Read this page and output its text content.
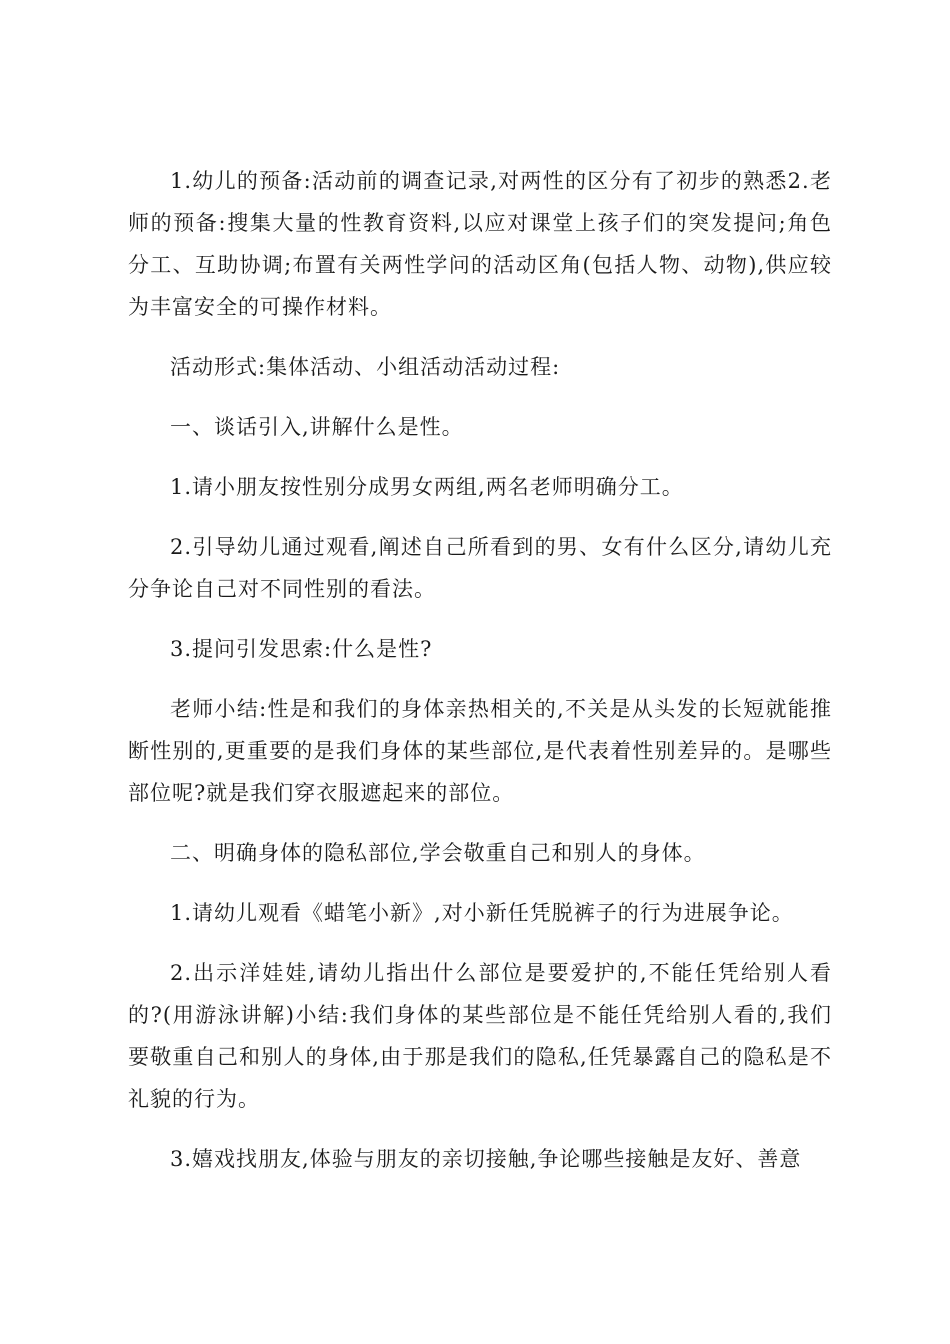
1.幼儿的预备:活动前的调查记录,对两性的区分有了初步的熟悉2.老师的预备:搜集大量的性教育资料,以应对课堂上孩子们的突发提问;角色分工、互助协调;布置有关两性学问的活动区角(包括人物、动物),供应较为丰富安全的可操作材料。

活动形式:集体活动、小组活动活动过程:

一、谈话引入,讲解什么是性。

1.请小朋友按性别分成男女两组,两名老师明确分工。

2.引导幼儿通过观看,阐述自己所看到的男、女有什么区分,请幼儿充分争论自己对不同性别的看法。

3.提问引发思索:什么是性?

老师小结:性是和我们的身体亲热相关的,不关是从头发的长短就能推断性别的,更重要的是我们身体的某些部位,是代表着性别差异的。是哪些部位呢?就是我们穿衣服遮起来的部位。

二、明确身体的隐私部位,学会敬重自己和别人的身体。

1.请幼儿观看《蜡笔小新》,对小新任凭脱裤子的行为进展争论。

2.出示洋娃娃,请幼儿指出什么部位是要爱护的,不能任凭给别人看的?(用游泳讲解)小结:我们身体的某些部位是不能任凭给别人看的,我们要敬重自己和别人的身体,由于那是我们的隐私,任凭暴露自己的隐私是不礼貌的行为。

3.嬉戏找朋友,体验与朋友的亲切接触,争论哪些接触是友好、善意
